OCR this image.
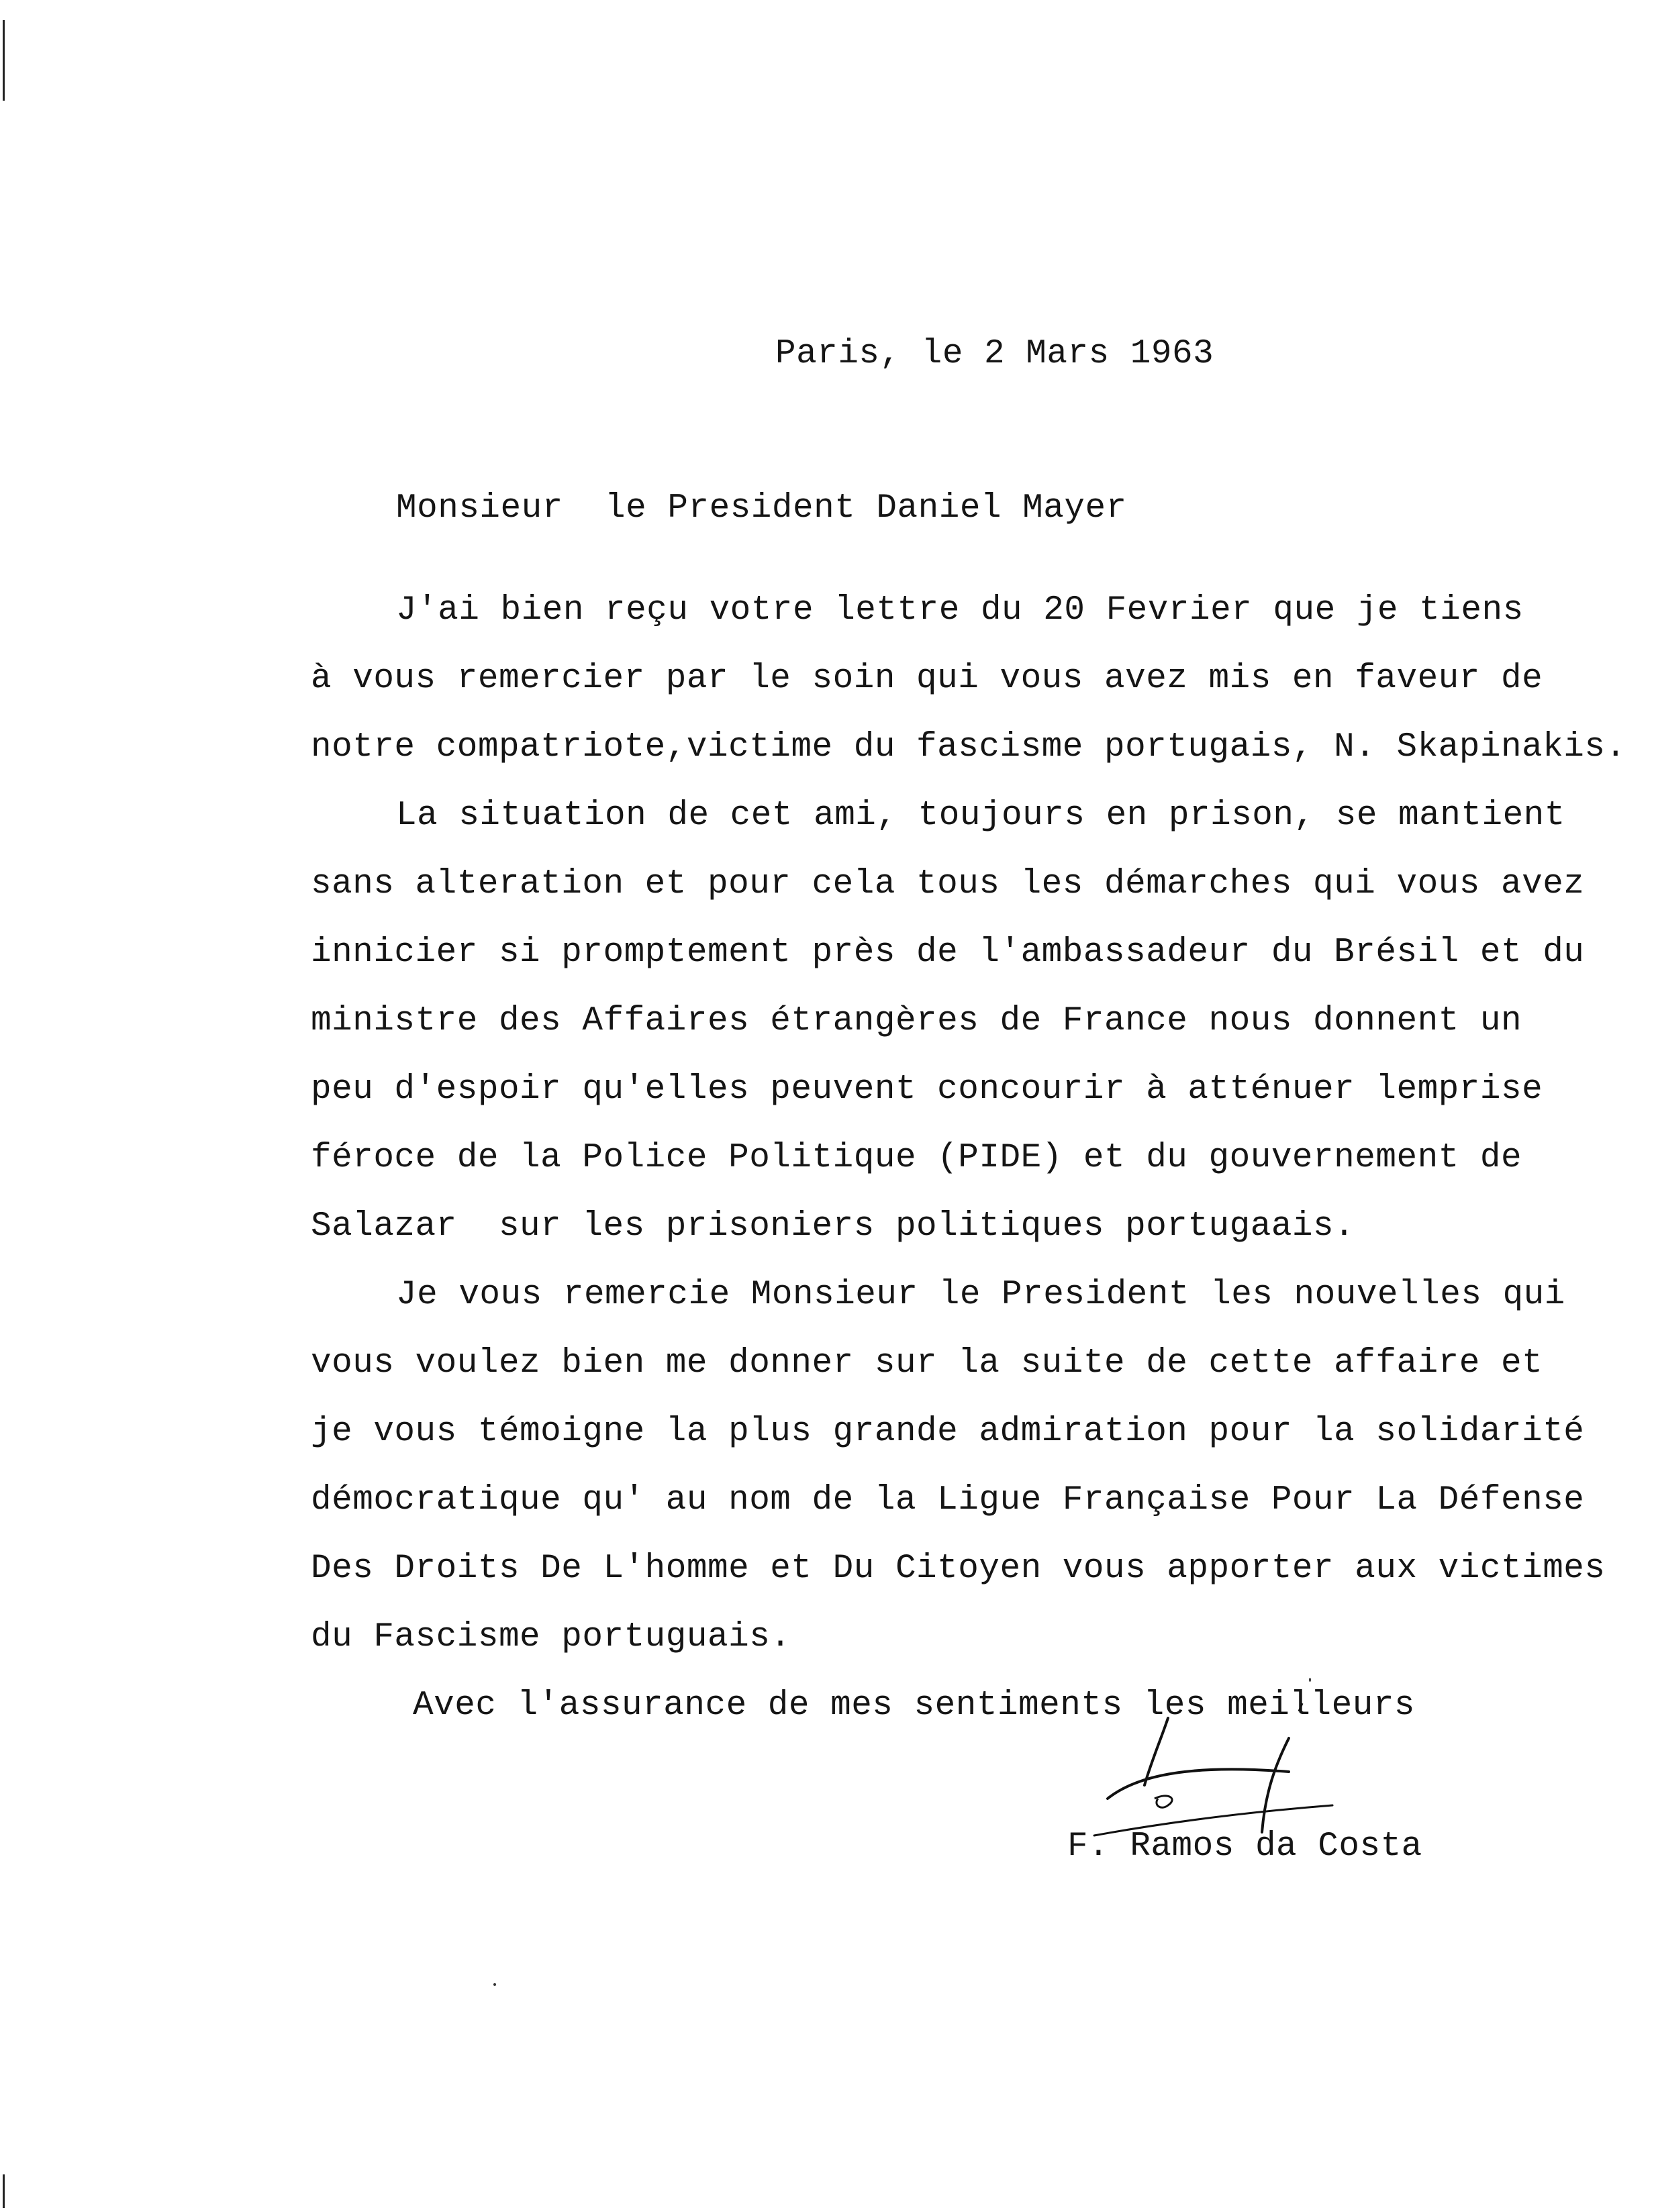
Paris, le 2 Mars 1963
Monsieur  le President Daniel Mayer
J'ai bien reçu votre lettre du 20 Fevrier que je tiens
à vous remercier par le soin qui vous avez mis en faveur de
notre compatriote,victime du fascisme portugais, N. Skapinakis.
La situation de cet ami, toujours en prison, se mantient
sans alteration et pour cela tous les démarches qui vous avez
innicier si promptement près de l'ambassadeur du Brésil et du
ministre des Affaires étrangères de France nous donnent un
peu d'espoir qu'elles peuvent concourir à atténuer lemprise
féroce de la Police Politique (PIDE) et du gouvernement de
Salazar  sur les prisoniers politiques portugaais.
Je vous remercie Monsieur le President les nouvelles qui
vous voulez bien me donner sur la suite de cette affaire et
je vous témoigne la plus grande admiration pour la solidarité
démocratique qu' au nom de la Ligue Française Pour La Défense
Des Droits De L'homme et Du Citoyen vous apporter aux victimes
du Fascisme portuguais.
Avec l'assurance de mes sentiments les meilleurs
F. Ramos da Costa
